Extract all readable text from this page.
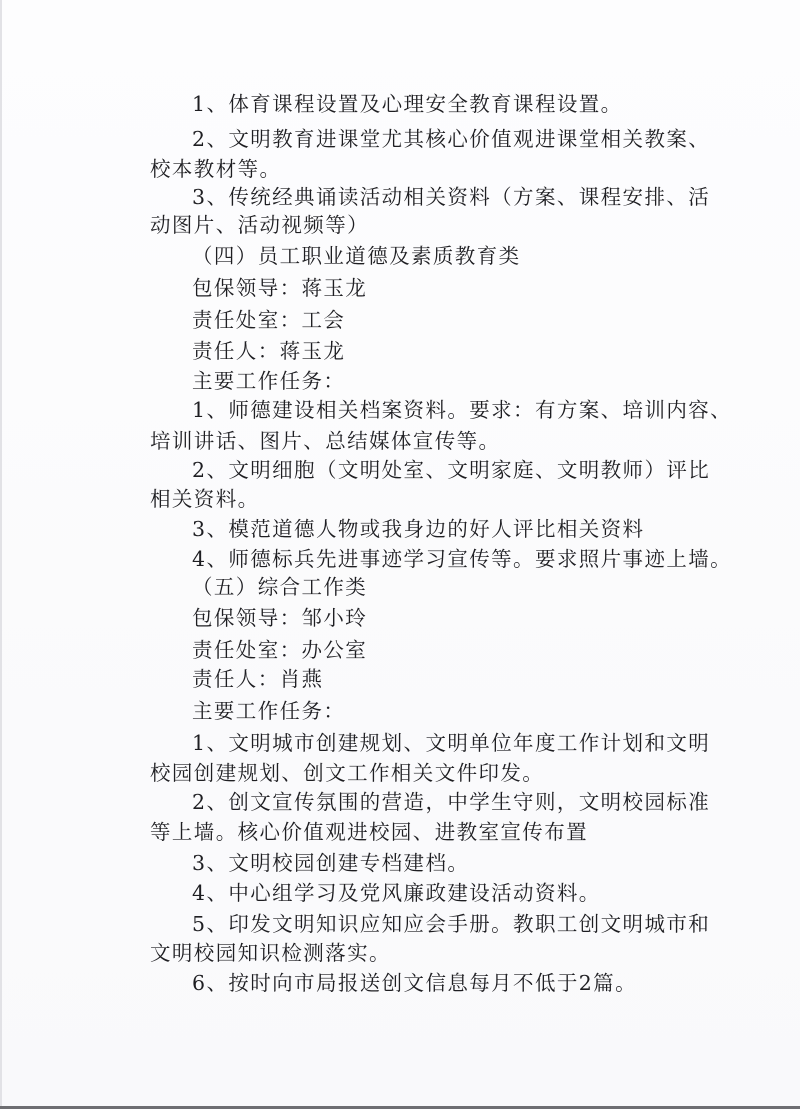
1、体育课程设置及心理安全教育课程设置。
2、文明教育进课堂尤其核心价值观进课堂相关教案、
校本教材等。
3、传统经典诵读活动相关资料（方案、课程安排、活
动图片、活动视频等）
（四）员工职业道德及素质教育类
包保领导：蒋玉龙
责任处室：工会
责任人：蒋玉龙
主要工作任务：
1、师德建设相关档案资料。要求：有方案、培训内容、
培训讲话、图片、总结媒体宣传等。
2、文明细胞（文明处室、文明家庭、文明教师）评比
相关资料。
3、模范道德人物或我身边的好人评比相关资料
4、师德标兵先进事迹学习宣传等。要求照片事迹上墙。
（五）综合工作类
包保领导：邹小玲
责任处室：办公室
责任人：肖燕
主要工作任务：
1、文明城市创建规划、文明单位年度工作计划和文明
校园创建规划、创文工作相关文件印发。
2、创文宣传氛围的营造，中学生守则，文明校园标准
等上墙。核心价值观进校园、进教室宣传布置
3、文明校园创建专档建档。
4、中心组学习及党风廉政建设活动资料。
5、印发文明知识应知应会手册。教职工创文明城市和
文明校园知识检测落实。
6、按时向市局报送创文信息每月不低于2篇。
